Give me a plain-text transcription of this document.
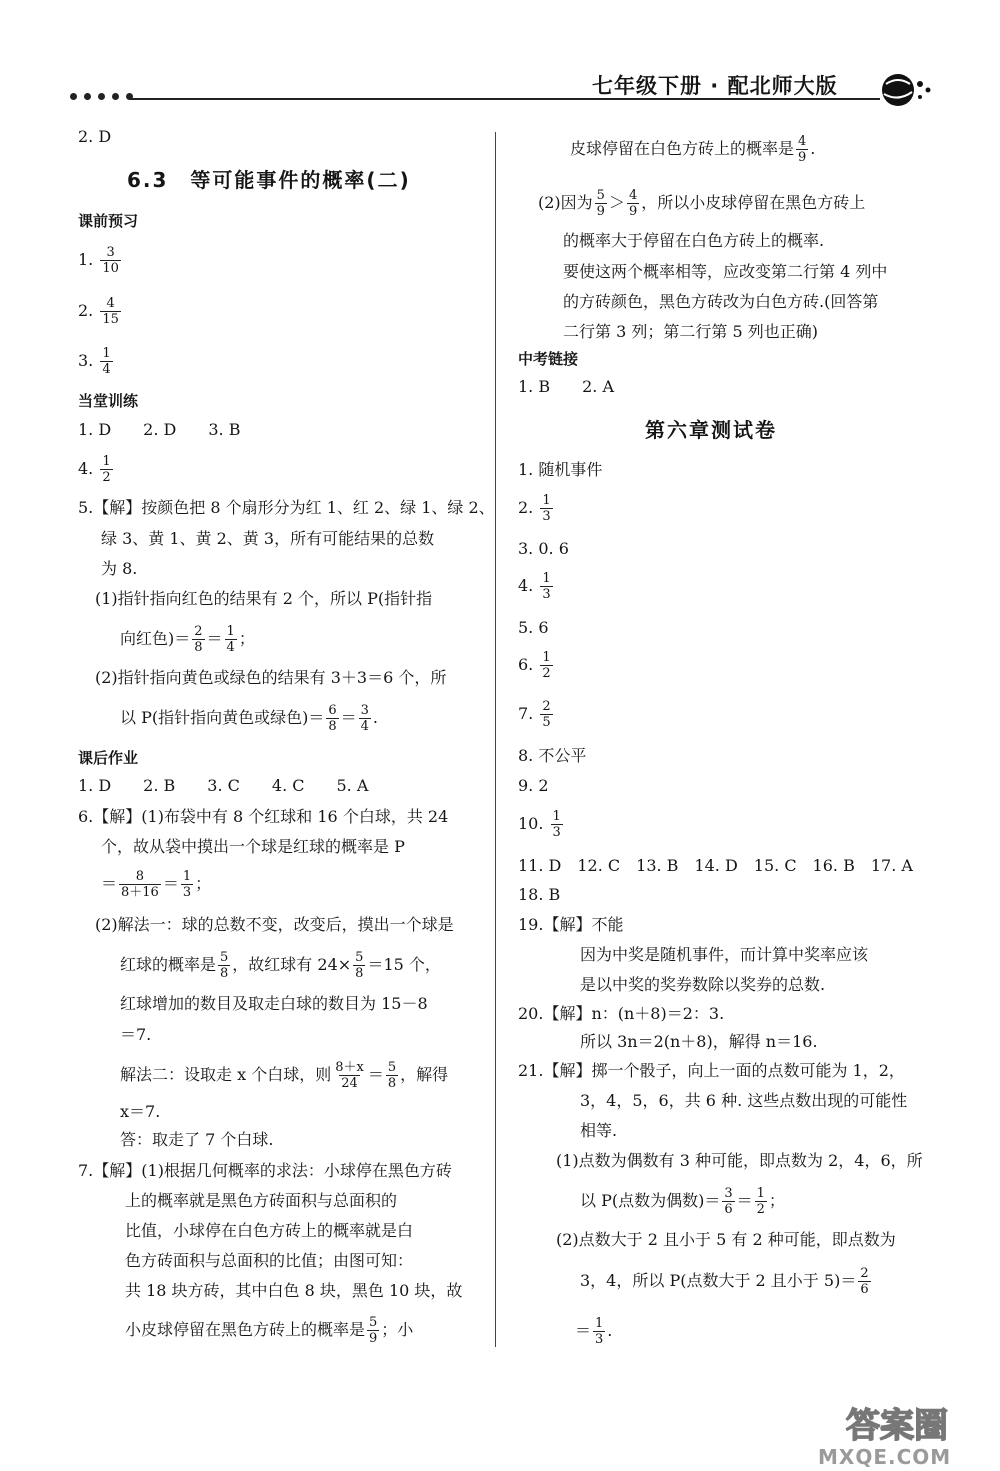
七年级下册 · 配北师大版
2. D
6.3　等可能事件的概率(二)
课前预习
1. $\frac{3}{10}$
2. $\frac{4}{15}$
3. $\frac{1}{4}$
当堂训练
1. D　　2. D　　3. B
4. $\frac{1}{2}$
5.【解】按颜色把 8 个扇形分为红 1、红 2、绿 1、绿 2、
绿 3、黄 1、黄 2、黄 3，所有可能结果的总数
为 8.
(1)指针指向红色的结果有 2 个，所以 P(指针指
向红色)＝ $\frac{2}{8} = \frac{1}{4}$ ；
(2)指针指向黄色或绿色的结果有 3＋3＝6 个，所
以 P(指针指向黄色或绿色)＝ $\frac{6}{8} = \frac{3}{4}$ .
课后作业
1. D　　2. B　　3. C　　4. C　　5. A
6.【解】(1)布袋中有 8 个红球和 16 个白球，共 24
个，故从袋中摸出一个球是红球的概率是 P
＝ $\frac{8}{8+16} = \frac{1}{3}$ ；
(2)解法一：球的总数不变，改变后，摸出一个球是
红球的概率是 $\frac{5}{8}$ ，故红球有 $24\times \frac{5}{8} =15$ 个，
红球增加的数目及取走白球的数目为 15－8
＝7.
解法二：设取走 x 个白球，则 $\frac{8+x}{24} = \frac{5}{8}$ ，解得
x＝7.
答：取走了 7 个白球.
7.【解】(1)根据几何概率的求法：小球停在黑色方砖
上的概率就是黑色方砖面积与总面积的
比值，小球停在白色方砖上的概率就是白
色方砖面积与总面积的比值；由图可知：
共 18 块方砖，其中白色 8 块，黑色 10 块，故
小皮球停留在黑色方砖上的概率是 $\frac{5}{9}$ ；小
皮球停留在白色方砖上的概率是 $\frac{4}{9}$ .
(2)因为 $\frac{5}{9} > \frac{4}{9}$ ，所以小皮球停留在黑色方砖上
的概率大于停留在白色方砖上的概率.
要使这两个概率相等，应改变第二行第 4 列中
的方砖颜色，黑色方砖改为白色方砖.(回答第
二行第 3 列；第二行第 5 列也正确)
中考链接
1. B　　2. A
第六章测试卷
1. 随机事件
2. $\frac{1}{3}$
3. 0. 6
4. $\frac{1}{3}$
5. 6
6. $\frac{1}{2}$
7. $\frac{2}{5}$
8. 不公平
9. 2
10. $\frac{1}{3}$
11. D　12. C　13. B　14. D　15. C　16. B　17. A
18. B
19.【解】不能
因为中奖是随机事件，而计算中奖率应该
是以中奖的奖券数除以奖券的总数.
20.【解】n：(n＋8)＝2：3.
所以 3n＝2(n＋8)，解得 n＝16.
21.【解】掷一个骰子，向上一面的点数可能为 1，2，
3，4，5，6，共 6 种. 这些点数出现的可能性
相等.
(1)点数为偶数有 3 种可能，即点数为 2，4，6，所
以 P(点数为偶数)＝ $\frac{3}{6} = \frac{1}{2}$ ；
(2)点数大于 2 且小于 5 有 2 种可能，即点数为
3，4，所以 P(点数大于 2 且小于 $5)= \frac{2}{6}$
＝ $\frac{1}{3}$ .
答案圈
MXQE.COM
